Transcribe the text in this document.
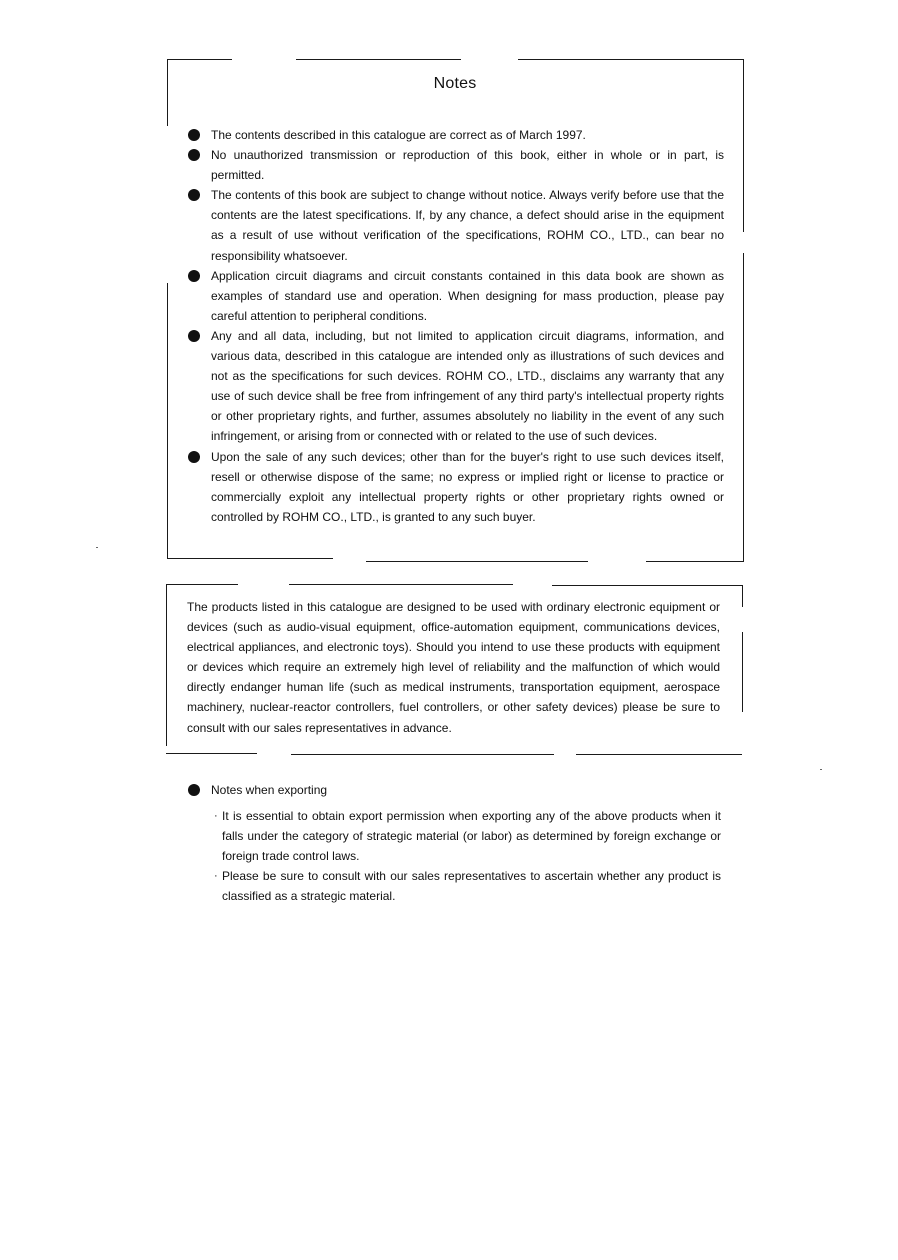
Notes
The contents described in this catalogue are correct as of March 1997.
No unauthorized transmission or reproduction of this book, either in whole or in part, is permitted.
The contents of this book are subject to change without notice. Always verify before use that the contents are the latest specifications. If, by any chance, a defect should arise in the equipment as a result of use without verification of the specifications, ROHM CO., LTD., can bear no responsibility whatsoever.
Application circuit diagrams and circuit constants contained in this data book are shown as examples of standard use and operation. When designing for mass production, please pay careful attention to peripheral conditions.
Any and all data, including, but not limited to application circuit diagrams, information, and various data, described in this catalogue are intended only as illustrations of such devices and not as the specifications for such devices. ROHM CO., LTD., disclaims any warranty that any use of such device shall be free from infringement of any third party's intellectual property rights or other proprietary rights, and further, assumes absolutely no liability in the event of any such infringement, or arising from or connected with or related to the use of such devices.
Upon the sale of any such devices; other than for the buyer's right to use such devices itself, resell or otherwise dispose of the same; no express or implied right or license to practice or commercially exploit any intellectual property rights or other proprietary rights owned or controlled by ROHM CO., LTD., is granted to any such buyer.

The products listed in this catalogue are designed to be used with ordinary electronic equipment or devices (such as audio-visual equipment, office-automation equipment, communications devices, electrical appliances, and electronic toys). Should you intend to use these products with equipment or devices which require an extremely high level of reliability and the malfunction of which would directly endanger human life (such as medical instruments, transportation equipment, aerospace machinery, nuclear-reactor controllers, fuel controllers, or other safety devices) please be sure to consult with our sales representatives in advance.

Notes when exporting
· It is essential to obtain export permission when exporting any of the above products when it falls under the category of strategic material (or labor) as determined by foreign exchange or foreign trade control laws.
· Please be sure to consult with our sales representatives to ascertain whether any product is classified as a strategic material.
